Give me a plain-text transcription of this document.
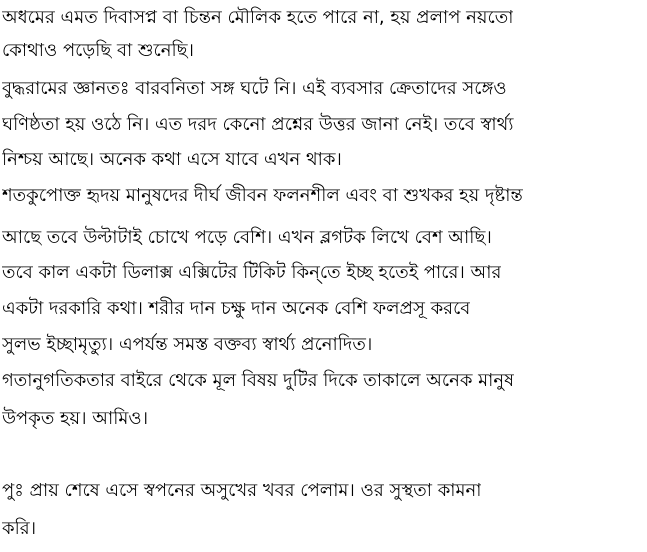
অধমের এমত দিবাসপ্ন বা চিন্তন মৌলিক হতে পারে না, হয় প্রলাপ নয়তো
কোথাও পড়েছি বা শুনেছি।
বুদ্ধরামের জ্ঞানতঃ বারবনিতা সঙ্গ ঘটে নি। এই ব্যবসার ক্রেতাদের সঙ্গেও
ঘণিষ্ঠতা হয় ওঠে নি। এত দরদ কেনো প্রশ্নের উত্তর জানা নেই। তবে স্বার্থ্য
নিশ্চয় আছে। অনেক কথা এসে যাবে এখন থাক।
শতকুপোক্ত হৃদয় মানুষদের দীর্ঘ জীবন ফলনশীল এবং বা শুখকর হয় দৃষ্টান্ত
আছে তবে উল্টাটাই চোখে পড়ে বেশি। এখন ব্লগটক লিখে বেশ আছি।
তবে কাল একটা ডিলাক্স এক্সিটের টিকিট কিন্‌তে ইচ্ছ হতেই পারে। আর
একটা দরকারি কথা। শরীর দান চক্ষু দান অনেক বেশি ফলপ্রসূ করবে
সুলভ ইচ্ছামৃত্যু। এপর্যন্ত সমস্ত বক্তব্য স্বার্থ্য প্রনোদিত।
গতানুগতিকতার বাইরে থেকে মূল বিষয় দুটির দিকে তাকালে অনেক মানুষ
উপকৃত হয়। আমিও।
পুঃ প্রায় শেষে এসে স্বপনের অসুখের খবর পেলাম। ওর সুস্থতা কামনা
করি।
